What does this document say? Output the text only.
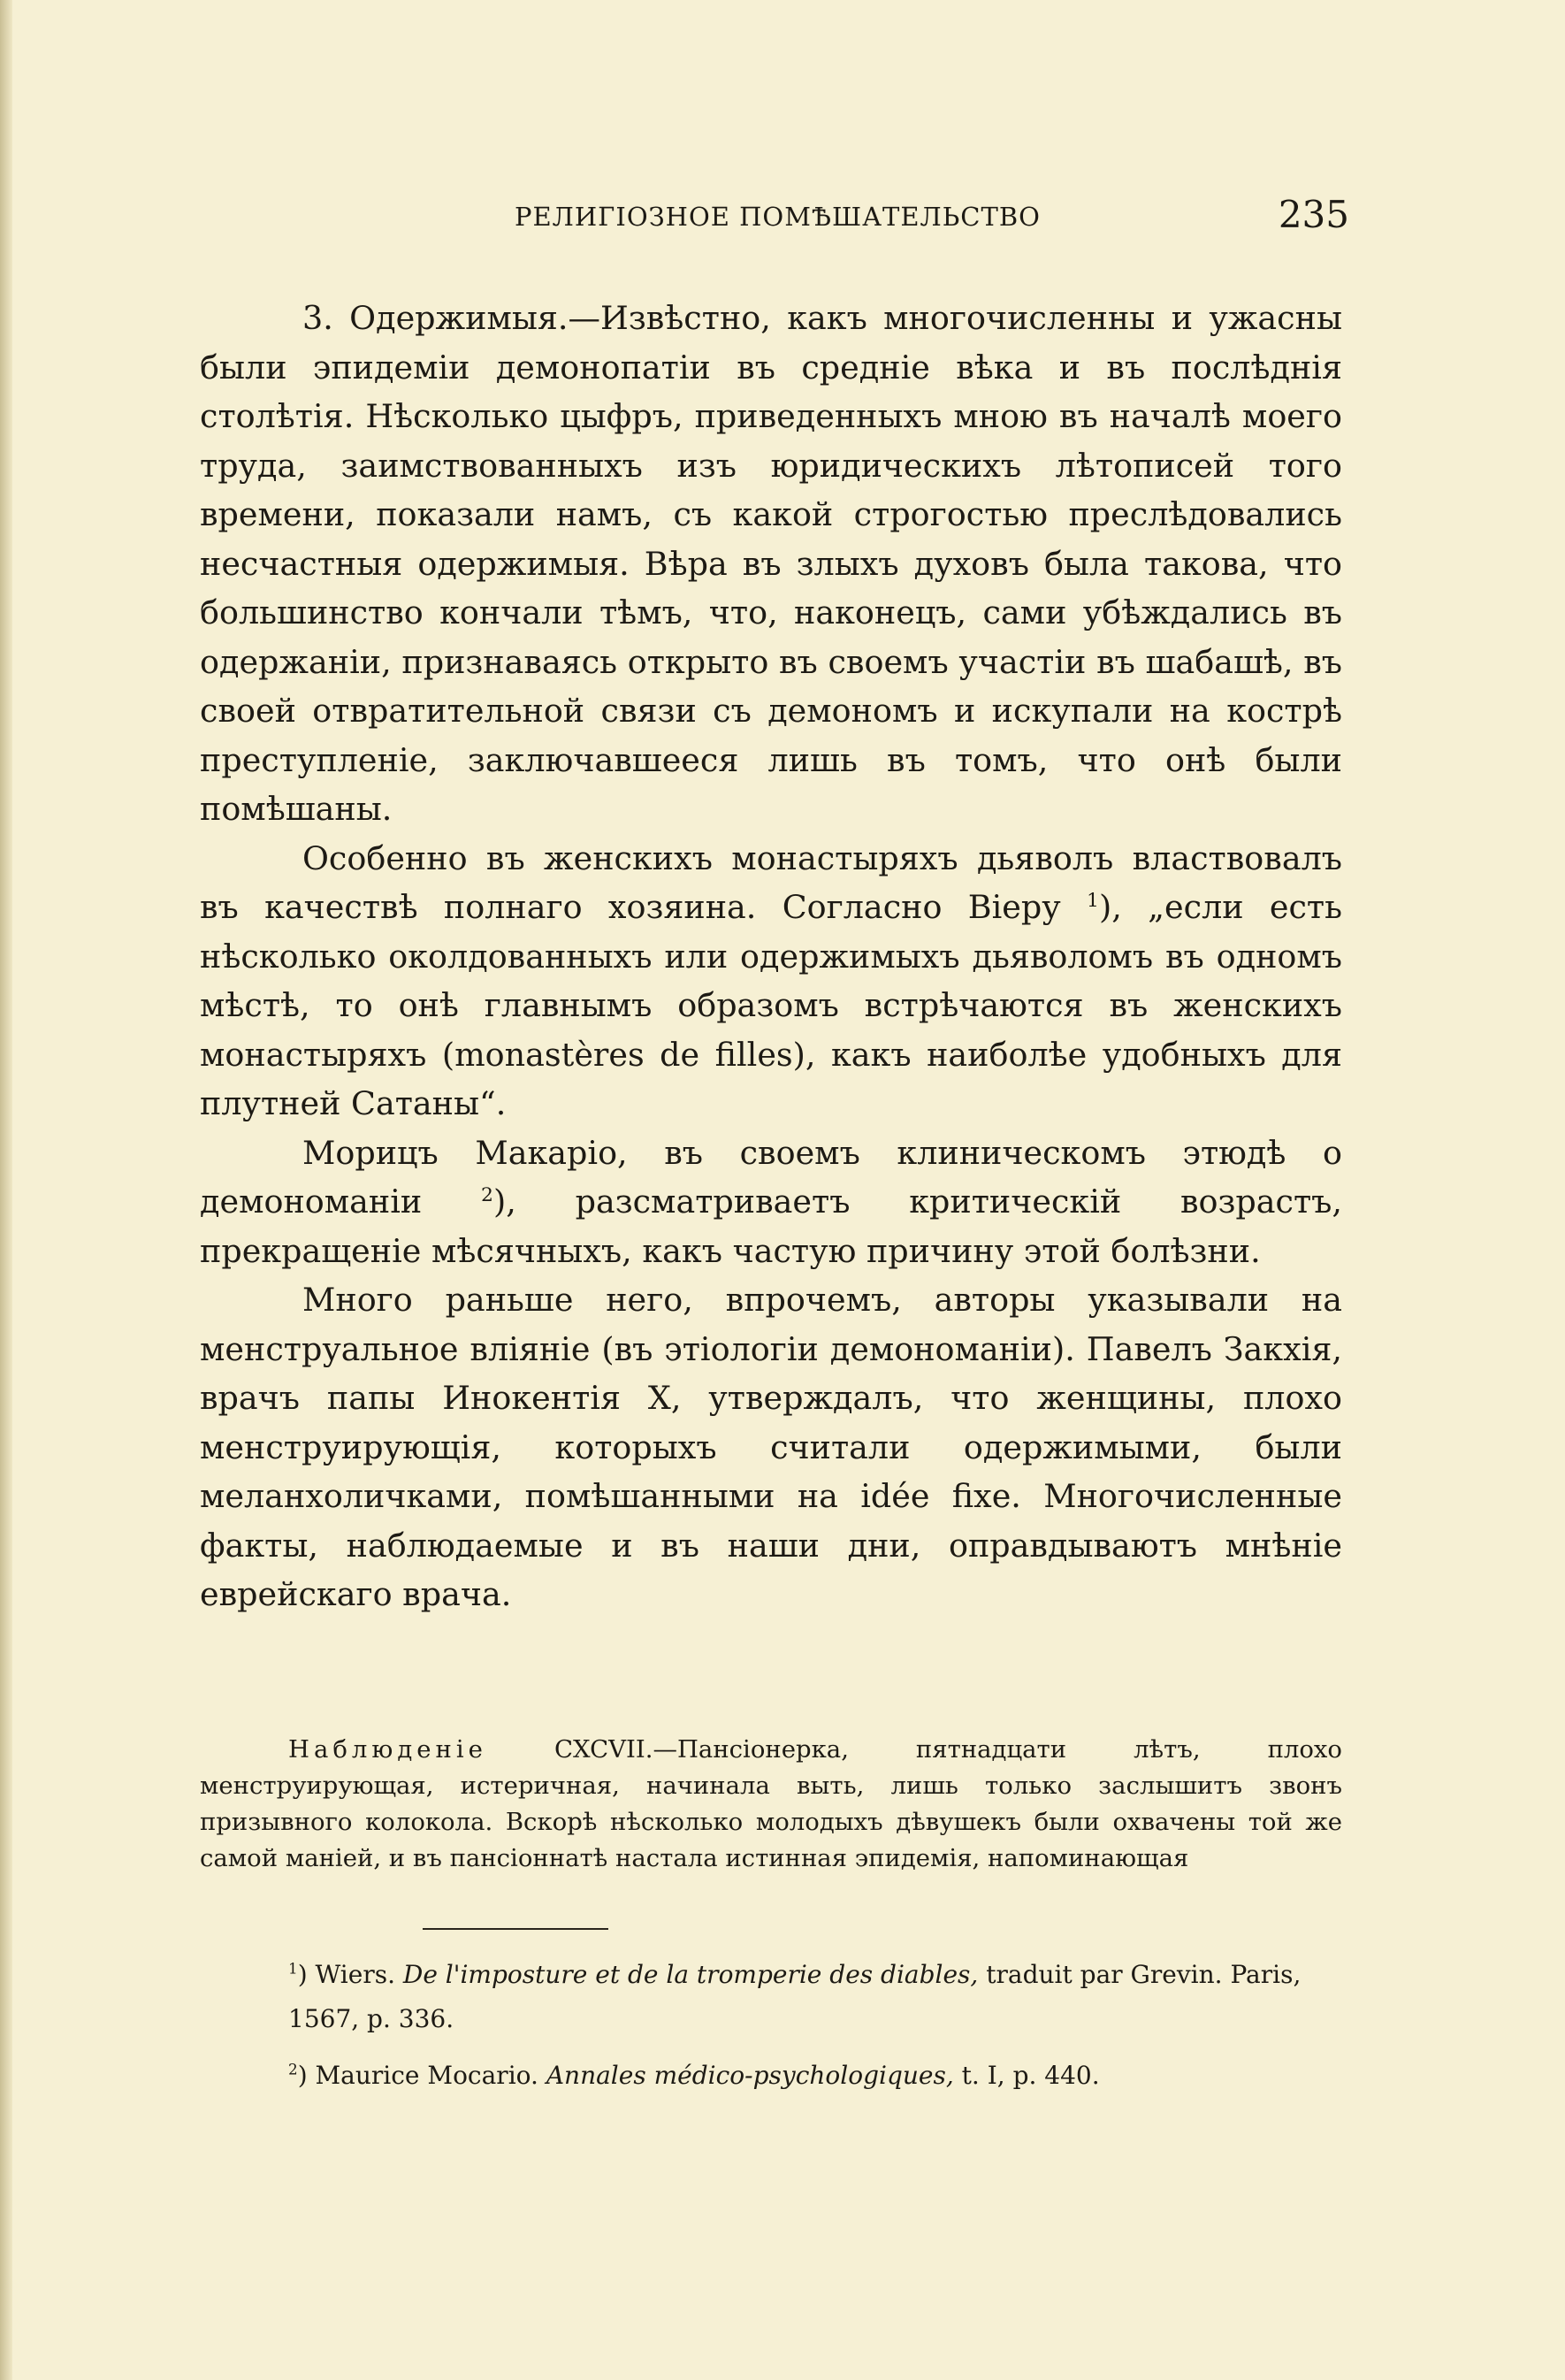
РЕЛИГІОЗНОЕ ПОМѢШАТЕЛЬСТВО	235

3. Одержимыя.—Извѣстно, какъ многочисленны и ужасны были эпидеміи демонопатіи въ средніе вѣка и въ послѣднія столѣтія. Нѣсколько цыфръ, приведенныхъ мною въ началѣ моего труда, заимствованныхъ изъ юридическихъ лѣтописей того времени, показали намъ, съ какой строгостью преслѣдовались несчастныя одержимыя. Вѣра въ злыхъ духовъ была такова, что большинство кончали тѣмъ, что, наконецъ, сами убѣждались въ одержаніи, признаваясь открыто въ своемъ участіи въ шабашѣ, въ своей отвратительной связи съ демономъ и искупали на кострѣ преступленіе, заключавшееся лишь въ томъ, что онѣ были помѣшаны.

Особенно въ женскихъ монастыряхъ дьяволъ властвовалъ въ качествѣ полнаго хозяина. Согласно Віеру $^1$), „если есть нѣсколько околдованныхъ или одержимыхъ дьяволомъ въ одномъ мѣстѣ, то онѣ главнымъ образомъ встрѣчаются въ женскихъ монастыряхъ (monastères de filles), какъ наиболѣе удобныхъ для плутней Сатаны“.

Морицъ Макаріо, въ своемъ клиническомъ этюдѣ о демономаніи $^2$), разсматриваетъ критическій возрастъ, прекращеніе мѣсячныхъ, какъ частую причину этой болѣзни.

Много раньше него, впрочемъ, авторы указывали на менструальное вліяніе (въ этіологіи демономаніи). Павелъ Закхія, врачъ папы Инокентія X, утверждалъ, что женщины, плохо менструирующія, которыхъ считали одержимыми, были меланхоличками, помѣшанными на idée fixe. Многочисленные факты, наблюдаемые и въ наши дни, оправдываютъ мнѣніе еврейскаго врача.

Наблюденіе CXCVII.—Пансіонерка, пятнадцати лѣтъ, плохо менструирующая, истеричная, начинала выть, лишь только заслышитъ звонъ призывного колокола. Вскорѣ нѣсколько молодыхъ дѣвушекъ были охвачены той же самой маніей, и въ пансіоннатѣ настала истинная эпидемія, напоминающая

$^1$) Wiers. De l'imposture et de la tromperie des diables, traduit par Grevin. Paris, 1567, p. 336.

$^2$) Maurice Mocario. Annales médico-psychologiques, t. I, p. 440.
